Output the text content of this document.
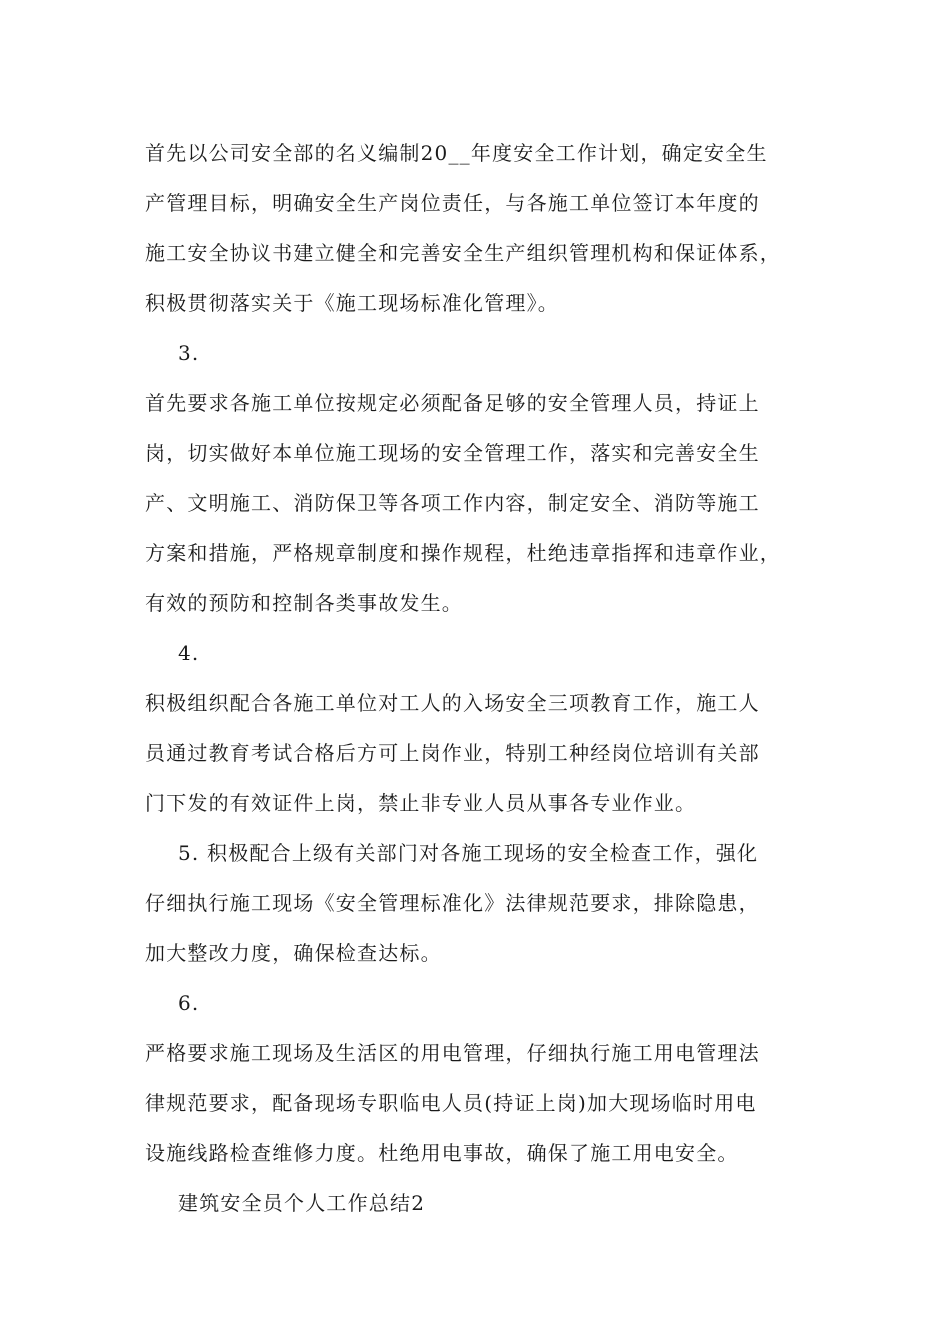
首先以公司安全部的名义编制20__年度安全工作计划，确定安全生
产管理目标，明确安全生产岗位责任，与各施工单位签订本年度的
施工安全协议书建立健全和完善安全生产组织管理机构和保证体系，
积极贯彻落实关于《施工现场标准化管理》。
3.
首先要求各施工单位按规定必须配备足够的安全管理人员，持证上
岗，切实做好本单位施工现场的安全管理工作，落实和完善安全生
产、文明施工、消防保卫等各项工作内容，制定安全、消防等施工
方案和措施，严格规章制度和操作规程，杜绝违章指挥和违章作业，
有效的预防和控制各类事故发生。
4.
积极组织配合各施工单位对工人的入场安全三项教育工作，施工人
员通过教育考试合格后方可上岗作业，特别工种经岗位培训有关部
门下发的有效证件上岗，禁止非专业人员从事各专业作业。
5. 积极配合上级有关部门对各施工现场的安全检查工作，强化
仔细执行施工现场《安全管理标准化》法律规范要求，排除隐患，
加大整改力度，确保检查达标。
6.
严格要求施工现场及生活区的用电管理，仔细执行施工用电管理法
律规范要求，配备现场专职临电人员(持证上岗)加大现场临时用电
设施线路检查维修力度。杜绝用电事故，确保了施工用电安全。
建筑安全员个人工作总结2
